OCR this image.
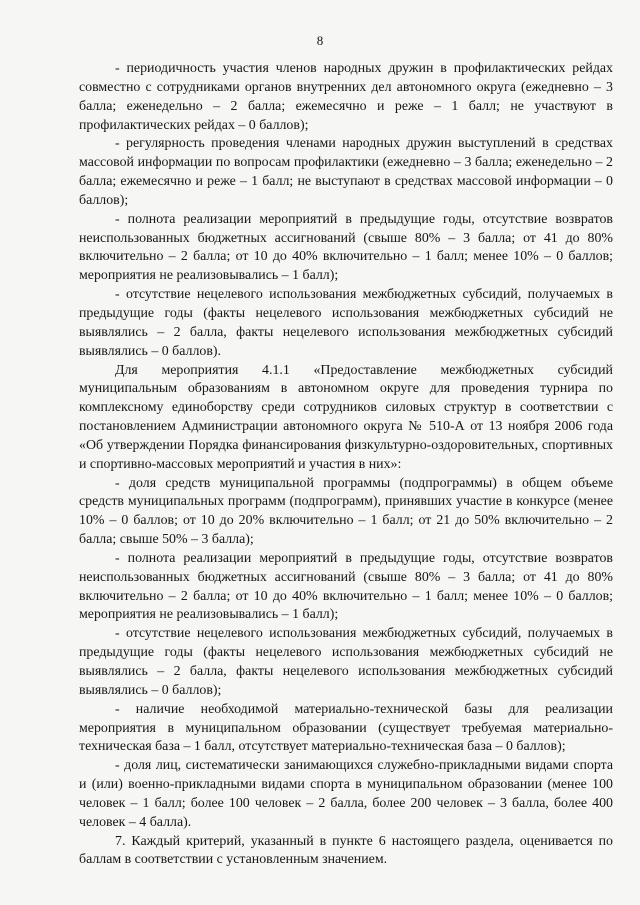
8

- периодичность участия членов народных дружин в профилактических рейдах совместно с сотрудниками органов внутренних дел автономного округа (ежедневно – 3 балла; еженедельно – 2 балла; ежемесячно и реже – 1 балл; не участвуют в профилактических рейдах – 0 баллов);

- регулярность проведения членами народных дружин выступлений в средствах массовой информации по вопросам профилактики (ежедневно – 3 балла; еженедельно – 2 балла; ежемесячно и реже – 1 балл; не выступают в средствах массовой информации – 0 баллов);

- полнота реализации мероприятий в предыдущие годы, отсутствие возвратов неиспользованных бюджетных ассигнований (свыше 80% – 3 балла; от 41 до 80% включительно – 2 балла; от 10 до 40% включительно – 1 балл; менее 10% – 0 баллов; мероприятия не реализовывались – 1 балл);

- отсутствие нецелевого использования межбюджетных субсидий, получаемых в предыдущие годы (факты нецелевого использования межбюджетных субсидий не выявлялись – 2 балла, факты нецелевого использования межбюджетных субсидий выявлялись – 0 баллов).

Для мероприятия 4.1.1 «Предоставление межбюджетных субсидий муниципальным образованиям в автономном округе для проведения турнира по комплексному единоборству среди сотрудников силовых структур в соответствии с постановлением Администрации автономного округа № 510-А от 13 ноября 2006 года «Об утверждении Порядка финансирования физкультурно-оздоровительных, спортивных и спортивно-массовых мероприятий и участия в них»:

- доля средств муниципальной программы (подпрограммы) в общем объеме средств муниципальных программ (подпрограмм), принявших участие в конкурсе (менее 10% – 0 баллов; от 10 до 20% включительно – 1 балл; от 21 до 50% включительно – 2 балла; свыше 50% – 3 балла);

- полнота реализации мероприятий в предыдущие годы, отсутствие возвратов неиспользованных бюджетных ассигнований (свыше 80% – 3 балла; от 41 до 80% включительно – 2 балла; от 10 до 40% включительно – 1 балл; менее 10% – 0 баллов; мероприятия не реализовывались – 1 балл);

- отсутствие нецелевого использования межбюджетных субсидий, получаемых в предыдущие годы (факты нецелевого использования межбюджетных субсидий не выявлялись – 2 балла, факты нецелевого использования межбюджетных субсидий выявлялись – 0 баллов);

- наличие необходимой материально-технической базы для реализации мероприятия в муниципальном образовании (существует требуемая материально-техническая база – 1 балл, отсутствует материально-техническая база – 0 баллов);

- доля лиц, систематически занимающихся служебно-прикладными видами спорта и (или) военно-прикладными видами спорта в муниципальном образовании (менее 100 человек – 1 балл; более 100 человек – 2 балла, более 200 человек – 3 балла, более 400 человек – 4 балла).

7. Каждый критерий, указанный в пункте 6 настоящего раздела, оценивается по баллам в соответствии с установленным значением.
